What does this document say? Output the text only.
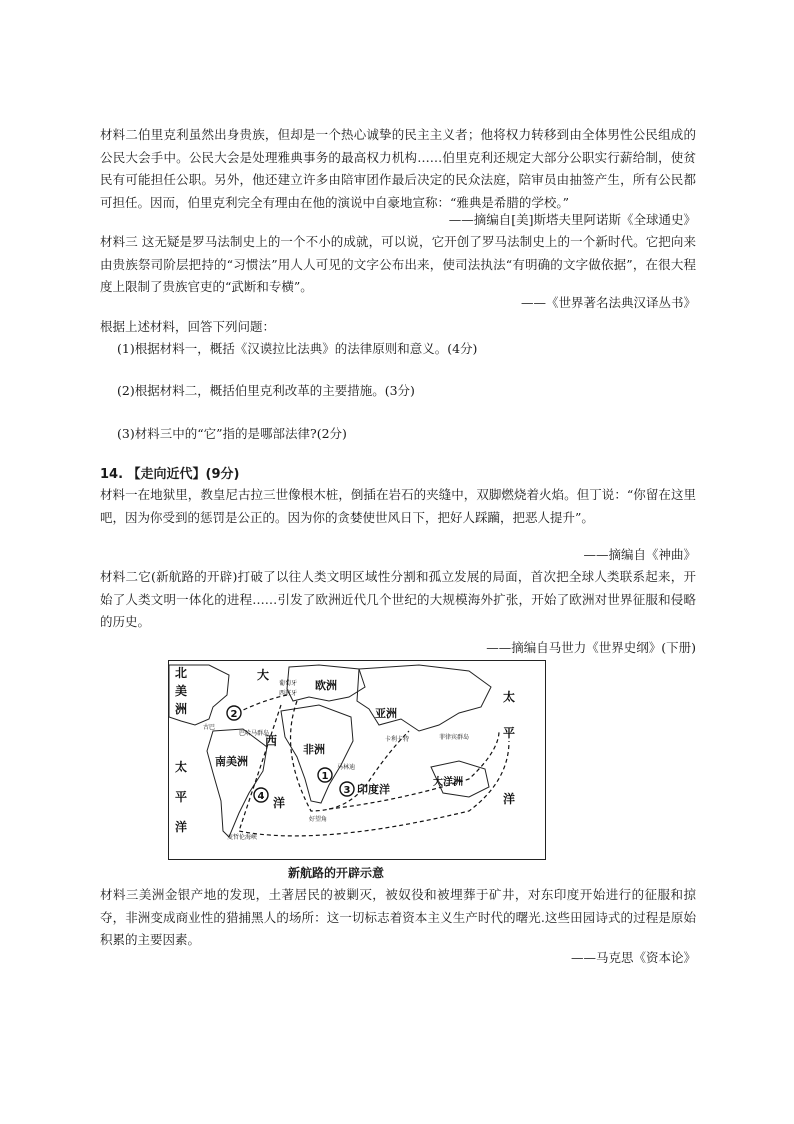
材料二伯里克利虽然出身贵族，但却是一个热心诚挚的民主主义者；他将权力转移到由全体男性公民组成的公民大会手中。公民大会是处理雅典事务的最高权力机构……伯里克利还规定大部分公职实行薪给制，使贫民有可能担任公职。另外，他还建立许多由陪审团作最后决定的民众法庭，陪审员由抽签产生，所有公民都可担任。因而，伯里克利完全有理由在他的演说中自豪地宣称：“雅典是希腊的学校。”
——摘编自[美]斯塔夫里阿诺斯《全球通史》
材料三 这无疑是罗马法制史上的一个不小的成就，可以说，它开创了罗马法制史上的一个新时代。它把向来由贵族祭司阶层把持的“习惯法”用人人可见的文字公布出来，使司法执法“有明确的文字做依据”，在很大程度上限制了贵族官吏的“武断和专横”。
——《世界著名法典汉译丛书》
根据上述材料，回答下列问题：
(1)根据材料一，概括《汉谟拉比法典》的法律原则和意义。(4分)
(2)根据材料二，概括伯里克利改革的主要措施。(3分)
(3)材料三中的“它”指的是哪部法律?(2分)
14. 【走向近代】(9分)
材料一在地狱里，教皇尼古拉三世像根木桩，倒插在岩石的夹缝中，双脚燃烧着火焰。但丁说：“你留在这里吧，因为你受到的惩罚是公正的。因为你的贪婪使世风日下，把好人踩躏，把恶人提升”。
——摘编自《神曲》
材料二它(新航路的开辟)打破了以往人类文明区域性分割和孤立发展的局面，首次把全球人类联系起来，开始了人类文明一体化的进程……引发了欧洲近代几个世纪的大规模海外扩张，开始了欧洲对世界征服和侵略的历史。
——摘编自马世力《世界史纲》(下册)
2
1
3
4
北
美
洲
大
西
洋
欧洲
亚洲
非洲
南美洲
太
平
洋
太
平
洋
印度洋
大洋洲
葡萄牙
西班牙
古巴
巴哈马群岛
卡利卡特	菲律宾群岛
马林迪
好望角
麦哲伦海峡
新航路的开辟示意
材料三美洲金银产地的发现，土著居民的被剿灭，被奴役和被埋葬于矿井，对东印度开始进行的征服和掠夺，非洲变成商业性的猎捕黑人的场所：这一切标志着资本主义生产时代的曙光.这些田园诗式的过程是原始积累的主要因素。
——马克思《资本论》
